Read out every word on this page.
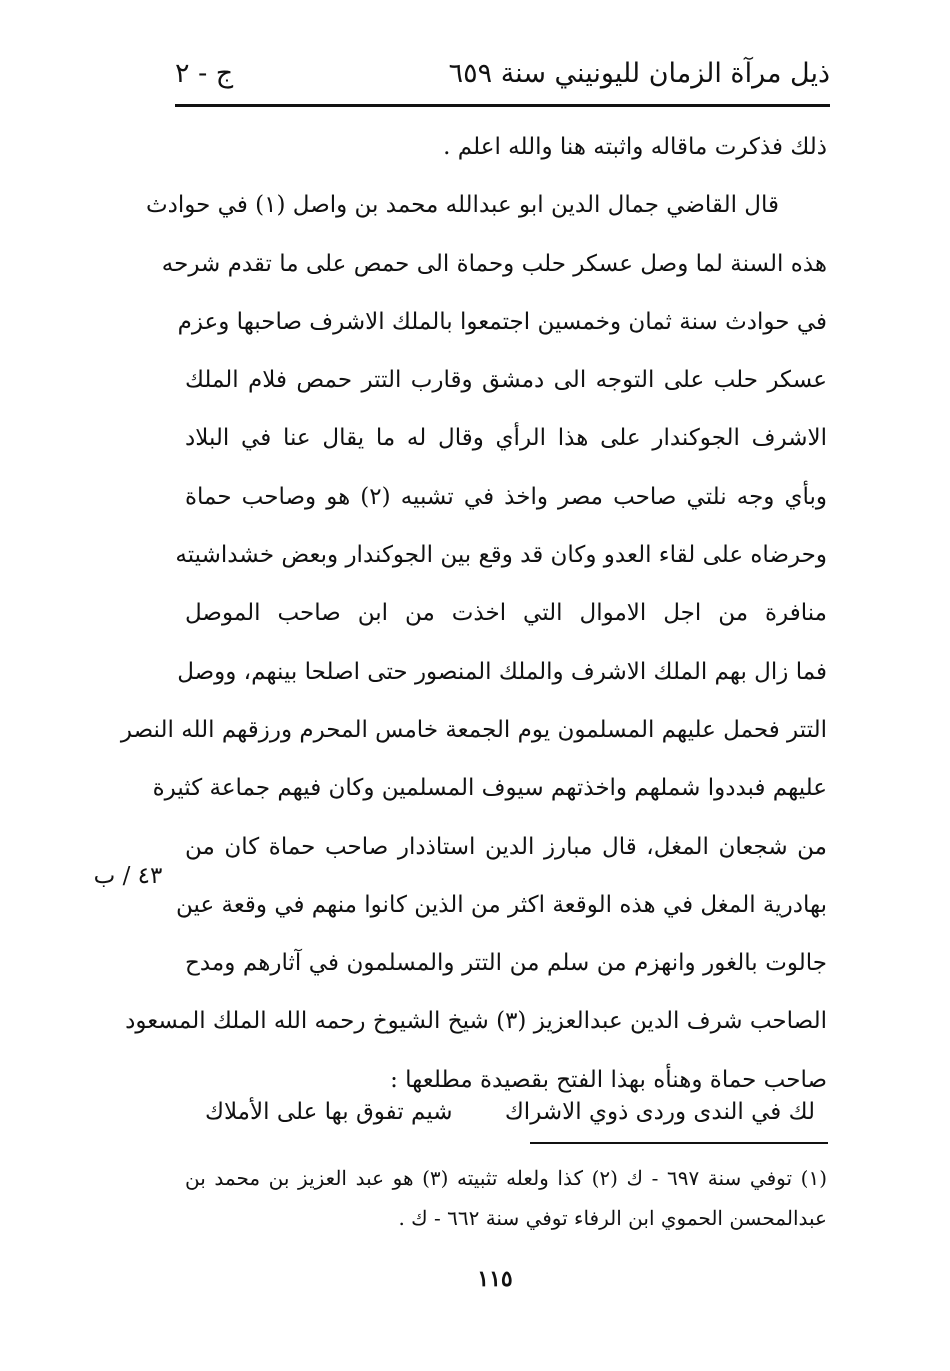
ذيل مرآة الزمان لليونيني سنة ٦٥٩
ج - ٢
ذلك فذكرت ماقاله واثبته هنا والله اعلم .
قال القاضي جمال الدين ابو عبدالله محمد بن واصل (١) في حوادث
هذه السنة لما وصل عسكر حلب وحماة الى حمص على ما تقدم شرحه
في حوادث سنة ثمان وخمسين اجتمعوا بالملك الاشرف صاحبها وعزم
عسكر حلب على التوجه الى دمشق وقارب التتر حمص فلام الملك
الاشرف الجوكندار على هذا الرأي وقال له ما يقال عنا في البلاد
وبأي وجه نلتي صاحب مصر واخذ في تشبيه (٢) هو وصاحب حماة
وحرضاه على لقاء العدو وكان قد وقع بين الجوكندار وبعض خشداشيته
منافرة من اجل الاموال التي اخذت من ابن صاحب الموصل
فما زال بهم الملك الاشرف والملك المنصور حتى اصلحا بينهم، ووصل
التتر فحمل عليهم المسلمون يوم الجمعة خامس المحرم ورزقهم الله النصر
عليهم فبددوا شملهم واخذتهم سيوف المسلمين وكان فيهم جماعة كثيرة
من شجعان المغل، قال مبارز الدين استاذدار صاحب حماة كان من
بهادرية المغل في هذه الوقعة اكثر من الذين كانوا منهم في وقعة عين
جالوت بالغور وانهزم من سلم من التتر والمسلمون في آثارهم ومدح
الصاحب شرف الدين عبدالعزيز (٣) شيخ الشيوخ رحمه الله الملك المسعود
صاحب حماة وهنأه بهذا الفتح بقصيدة مطلعها :
٤٣ / ب
لك في الندى وردى ذوي الاشراك
شيم تفوق بها على الأملاك
(١) توفي سنة ٦٩٧ - ك (٢) كذا ولعله تثبيته (٣) هو عبد العزيز بن محمد بن
عبدالمحسن الحموي ابن الرفاء توفي سنة ٦٦٢ - ك .
١١٥
